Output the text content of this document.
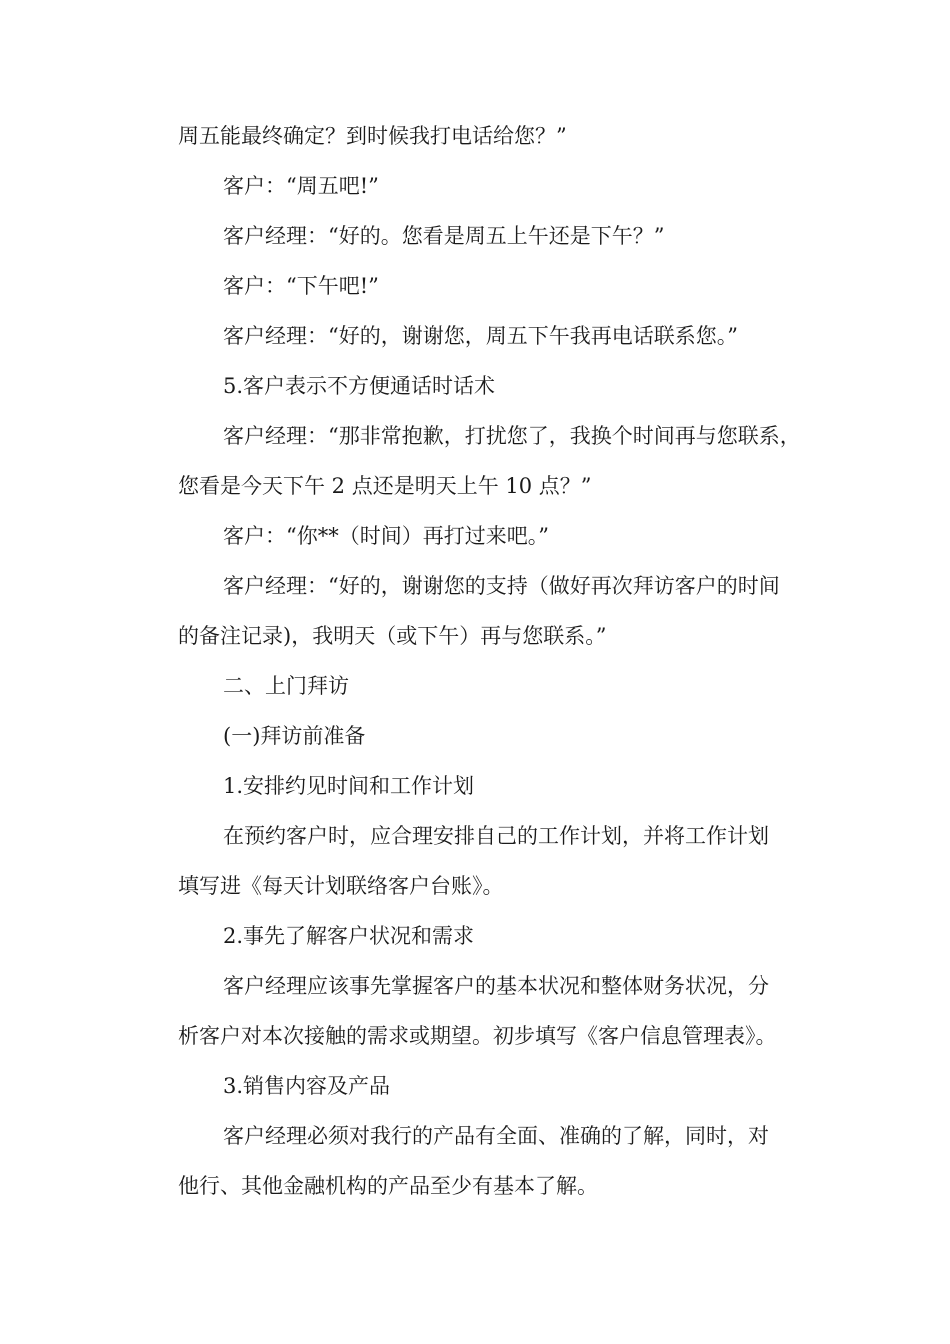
周五能最终确定？到时候我打电话给您？”

客户：“周五吧!”

客户经理：“好的。您看是周五上午还是下午？”

客户：“下午吧!”

客户经理：“好的，谢谢您，周五下午我再电话联系您。”

5.客户表示不方便通话时话术

客户经理：“那非常抱歉，打扰您了，我换个时间再与您联系，

您看是今天下午 2 点还是明天上午 10 点？”

客户：“你**（时间）再打过来吧。”

客户经理：“好的，谢谢您的支持（做好再次拜访客户的时间

的备注记录)，我明天（或下午）再与您联系。”

二、上门拜访

(一)拜访前准备

1.安排约见时间和工作计划

在预约客户时，应合理安排自己的工作计划，并将工作计划

填写进《每天计划联络客户台账》。

2.事先了解客户状况和需求

客户经理应该事先掌握客户的基本状况和整体财务状况，分

析客户对本次接触的需求或期望。初步填写《客户信息管理表》。

3.销售内容及产品

客户经理必须对我行的产品有全面、准确的了解，同时，对

他行、其他金融机构的产品至少有基本了解。
